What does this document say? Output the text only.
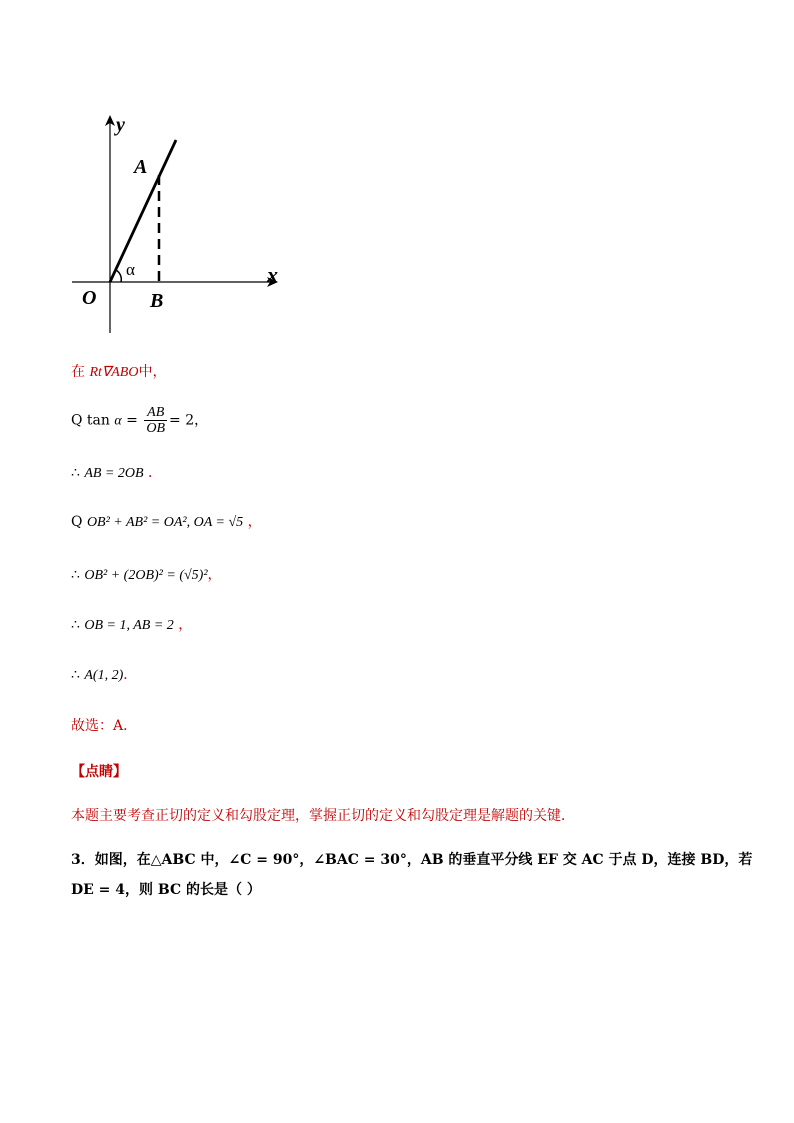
y
x
A
α
O	B
在 Rt∇ABO中，
Q $\tan \alpha = \frac{AB}{OB} = 2$，
∴ AB = 2OB ．
Q OB² + AB² = OA², OA = √5 ，
∴ OB² + (2OB)² = (√5)²，
∴ OB = 1, AB = 2 ，
∴ A(1, 2)．
故选：A．
【点睛】
本题主要考查正切的定义和勾股定理，掌握正切的定义和勾股定理是解题的关键．
3．如图，在△ABC 中，∠C = 90°，∠BAC = 30°，AB 的垂直平分线 EF 交 AC 于点 D，连接 BD，若
DE = 4，则 BC 的长是（ ）
